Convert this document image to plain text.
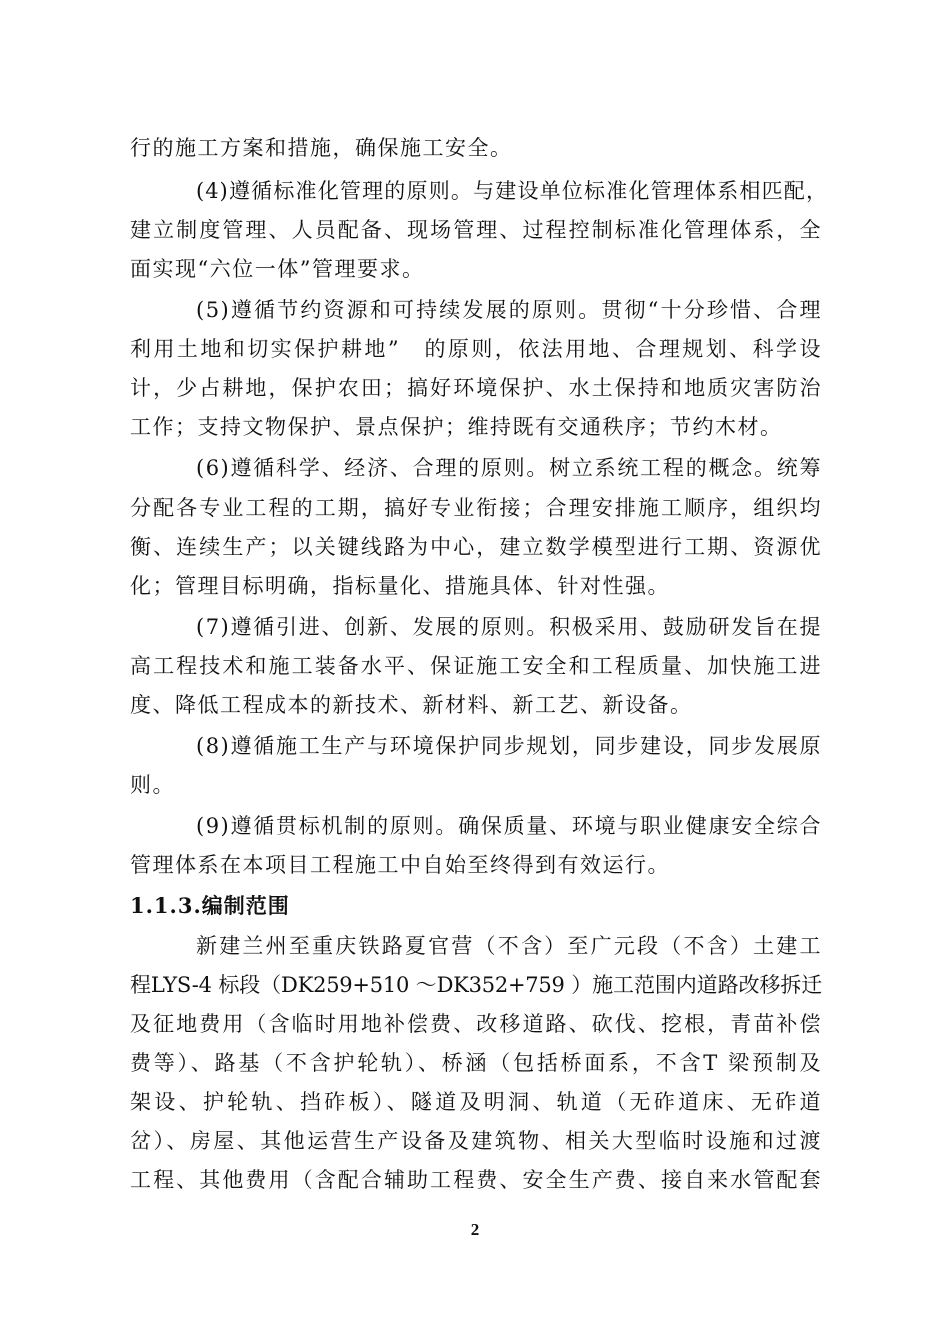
行的施工方案和措施，确保施工安全。
(4)遵循标准化管理的原则。与建设单位标准化管理体系相匹配，
建立制度管理、人员配备、现场管理、过程控制标准化管理体系，全
面实现“六位一体”管理要求。
(5)遵循节约资源和可持续发展的原则。贯彻“十分珍惜、合理
利用土地和切实保护耕地”　的原则，依法用地、合理规划、科学设
计，少占耕地，保护农田；搞好环境保护、水土保持和地质灾害防治
工作；支持文物保护、景点保护；维持既有交通秩序；节约木材。
(6)遵循科学、经济、合理的原则。树立系统工程的概念。统筹
分配各专业工程的工期，搞好专业衔接；合理安排施工顺序，组织均
衡、连续生产；以关键线路为中心，建立数学模型进行工期、资源优
化；管理目标明确，指标量化、措施具体、针对性强。
(7)遵循引进、创新、发展的原则。积极采用、鼓励研发旨在提
高工程技术和施工装备水平、保证施工安全和工程质量、加快施工进
度、降低工程成本的新技术、新材料、新工艺、新设备。
(8)遵循施工生产与环境保护同步规划，同步建设，同步发展原
则。
(9)遵循贯标机制的原则。确保质量、环境与职业健康安全综合
管理体系在本项目工程施工中自始至终得到有效运行。
1.1.3.编制范围
新建兰州至重庆铁路夏官营（不含）至广元段（不含）土建工
程LYS-4 标段（DK259+510 ～DK352+759 ）施工范围内道路改移拆迁
及征地费用（含临时用地补偿费、改移道路、砍伐、挖根，青苗补偿
费等）、路基（不含护轮轨）、桥涵（包括桥面系，不含T 梁预制及
架设、护轮轨、挡砟板）、隧道及明洞、轨道（无砟道床、无砟道
岔）、房屋、其他运营生产设备及建筑物、相关大型临时设施和过渡
工程、其他费用（含配合辅助工程费、安全生产费、接自来水管配套
2
